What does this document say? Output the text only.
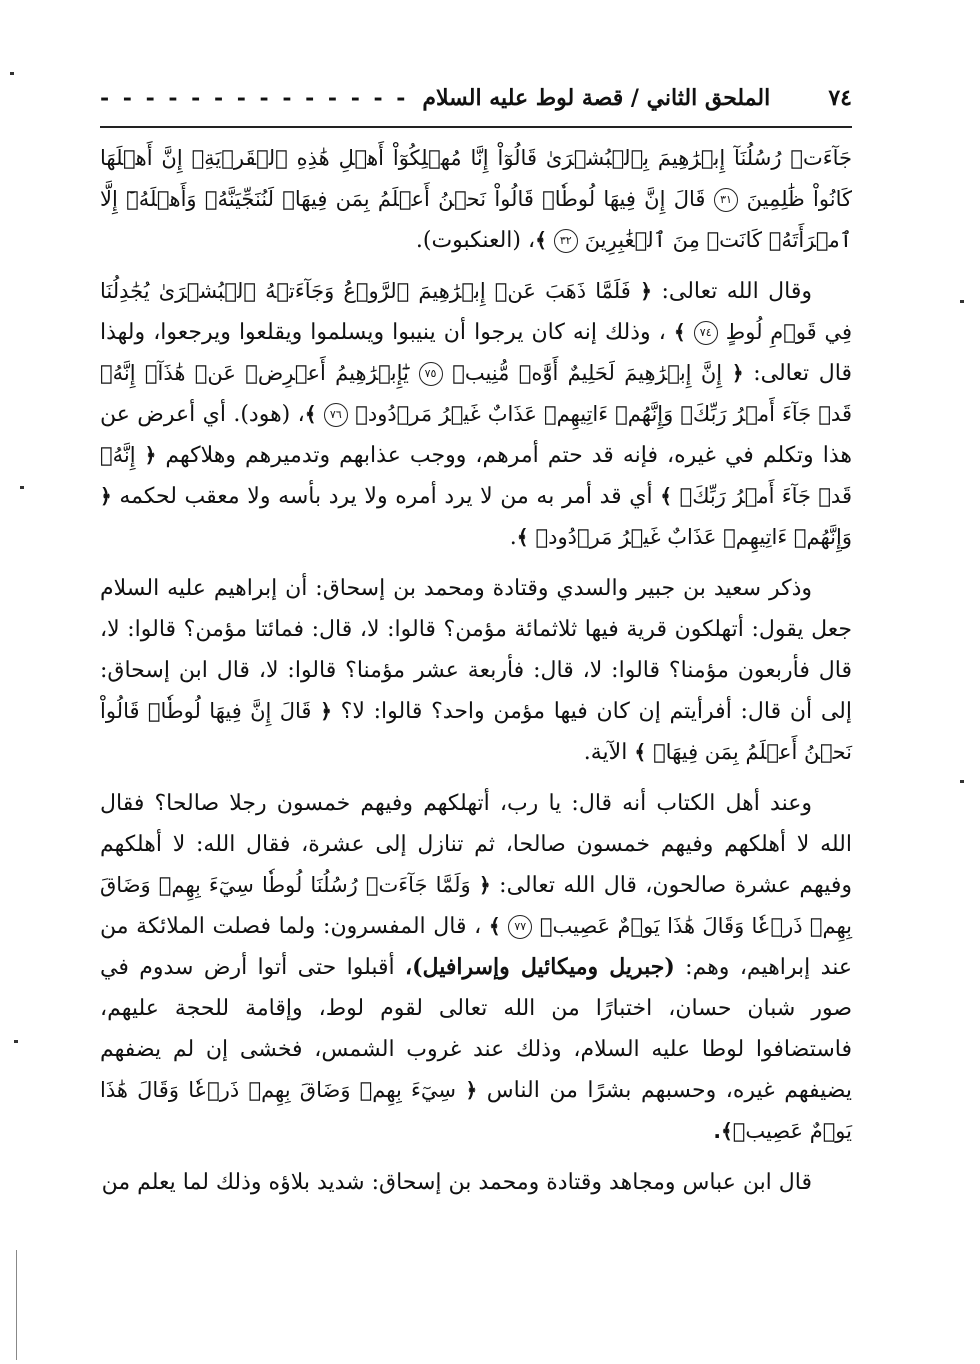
٧٤
الملحق الثاني / قصة لوط عليه السلام
- - - - - - - - - - - - - -

جَآءَتۡ رُسُلُنَآ إِبۡرَٰهِيمَ بِٱلۡبُشۡرَىٰ قَالُوٓاْ إِنَّا مُهۡلِكُوٓاْ أَهۡلِ هَٰذِهِ ٱلۡقَرۡيَةِۖ إِنَّ أَهۡلَهَا كَانُواْ ظَٰلِمِينَ ٣١ قَالَ إِنَّ فِيهَا لُوطٗاۚ قَالُواْ نَحۡنُ أَعۡلَمُ بِمَن فِيهَاۖ لَنُنَجِّيَنَّهُۥ وَأَهۡلَهُۥٓ إِلَّا ٱمۡرَأَتَهُۥ كَانَتۡ مِنَ ٱلۡغَٰبِرِينَ ٣٢ ﴾، (العنكبوت).

وقال الله تعالى: ﴿ فَلَمَّا ذَهَبَ عَنۡ إِبۡرَٰهِيمَ ٱلرَّوۡعُ وَجَآءَتۡهُ ٱلۡبُشۡرَىٰ يُجَٰدِلُنَا فِي قَوۡمِ لُوطٍ ٧٤ ﴾ ، وذلك إنه كان يرجوا أن ينيبوا ويسلموا ويقلعوا ويرجعوا، ولهذا قال تعالى: ﴿ إِنَّ إِبۡرَٰهِيمَ لَحَلِيمٌ أَوَّٰهٞ مُّنِيبٞ ٧٥ يَٰٓإِبۡرَٰهِيمُ أَعۡرِضۡ عَنۡ هَٰذَآۖ إِنَّهُۥ قَدۡ جَآءَ أَمۡرُ رَبِّكَۖ وَإِنَّهُمۡ ءَاتِيهِمۡ عَذَابٌ غَيۡرُ مَرۡدُودٖ ٧٦ ﴾، (هود). أي أعرض عن هذا وتكلم في غيره، فإنه قد حتم أمرهم، ووجب عذابهم وتدميرهم وهلاكهم ﴿ إِنَّهُۥ قَدۡ جَآءَ أَمۡرُ رَبِّكَۖ ﴾ أي قد أمر به من لا يرد أمره ولا يرد بأسه ولا معقب لحكمه ﴿ وَإِنَّهُمۡ ءَاتِيهِمۡ عَذَابٌ غَيۡرُ مَرۡدُودٖ ﴾.

وذكر سعيد بن جبير والسدي وقتادة ومحمد بن إسحاق: أن إبراهيم عليه السلام جعل يقول: أتهلكون قرية فيها ثلاثمائة مؤمن؟ قالوا: لا، قال: فمائتا مؤمن؟ قالوا: لا، قال فأربعون مؤمنا؟ قالوا: لا، قال: فأربعة عشر مؤمنا؟ قالوا: لا، قال ابن إسحاق: إلى أن قال: أفرأيتم إن كان فيها مؤمن واحد؟ قالوا: لا؟ ﴿ قَالَ إِنَّ فِيهَا لُوطٗاۚ قَالُواْ نَحۡنُ أَعۡلَمُ بِمَن فِيهَاۖ ﴾ الآية.

وعند أهل الكتاب أنه قال: يا رب، أتهلكهم وفيهم خمسون رجلا صالحا؟ فقال الله لا أهلكهم وفيهم خمسون صالحا، ثم تنازل إلى عشرة، فقال الله: لا أهلكهم وفيهم عشرة صالحون، قال الله تعالى: ﴿ وَلَمَّا جَآءَتۡ رُسُلُنَا لُوطٗا سِيٓءَ بِهِمۡ وَضَاقَ بِهِمۡ ذَرۡعٗا وَقَالَ هَٰذَا يَوۡمٌ عَصِيبٞ ٧٧ ﴾ ، قال المفسرون: ولما فصلت الملائكة من عند إبراهيم، وهم: (جبريل وميكائيل وإسرافيل)، أقبلوا حتى أتوا أرض سدوم في صور شبان حسان، اختبارًا من الله تعالى لقوم لوط، وإقامة للحجة عليهم، فاستضافوا لوطا عليه السلام، وذلك عند غروب الشمس، فخشى إن لم يضفهم يضيفهم غيره، وحسبهم بشرًا من الناس ﴿ سِيٓءَ بِهِمۡ وَضَاقَ بِهِمۡ ذَرۡعٗا وَقَالَ هَٰذَا يَوۡمٌ عَصِيبٞ﴾.

قال ابن عباس ومجاهد وقتادة ومحمد بن إسحاق: شديد بلاؤه وذلك لما يعلم من
